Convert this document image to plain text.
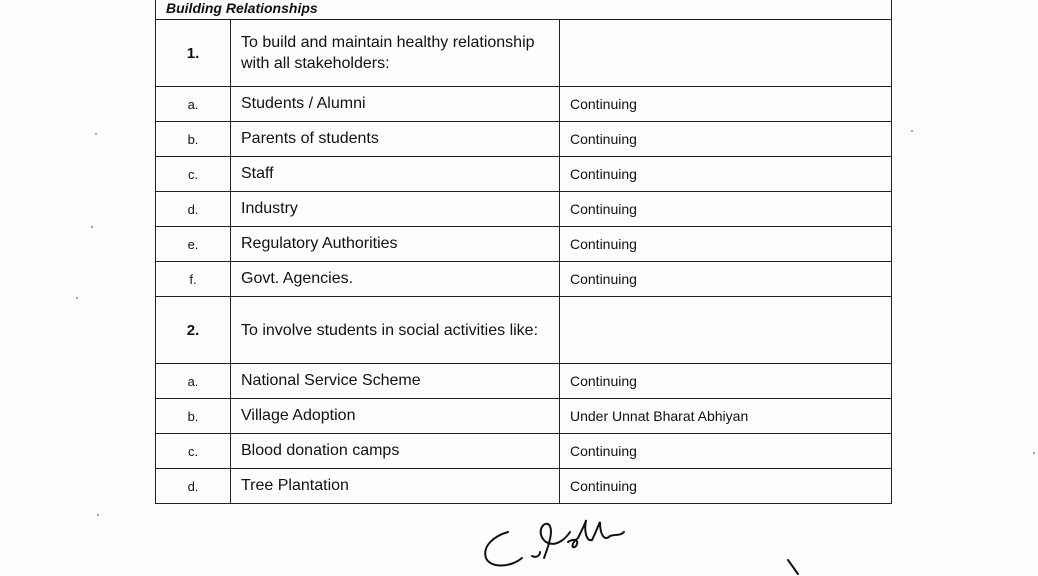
Building Relationships		
1.	To build and maintain healthy relationship with all stakeholders:	
a.	Students / Alumni	Continuing
b.	Parents of students	Continuing
c.	Staff	Continuing
d.	Industry	Continuing
e.	Regulatory Authorities	Continuing
f.	Govt. Agencies.	Continuing
2.	To involve students in social activities like:	
a.	National Service Scheme	Continuing
b.	Village Adoption	Under Unnat Bharat Abhiyan
c.	Blood donation camps	Continuing
d.	Tree Plantation	Continuing
